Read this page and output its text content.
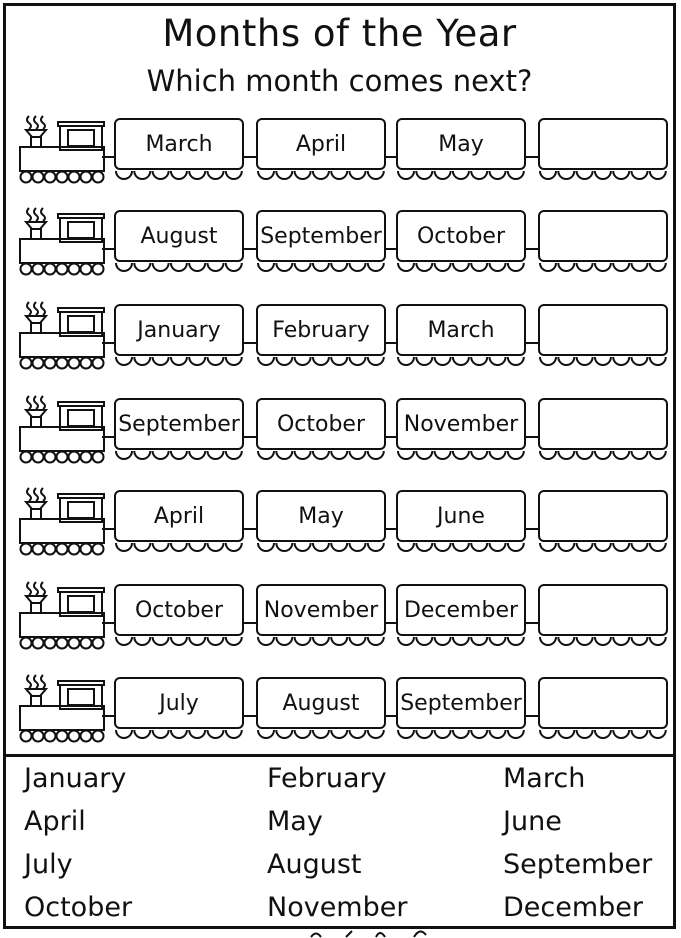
Months of the Year
Which month comes next?
March	April	May
August	September	October
January	February	March
September	October	November
April	May	June
October	November	December
July	August	September
January	February	March
April	May	June
July	August	September
October	November	December
